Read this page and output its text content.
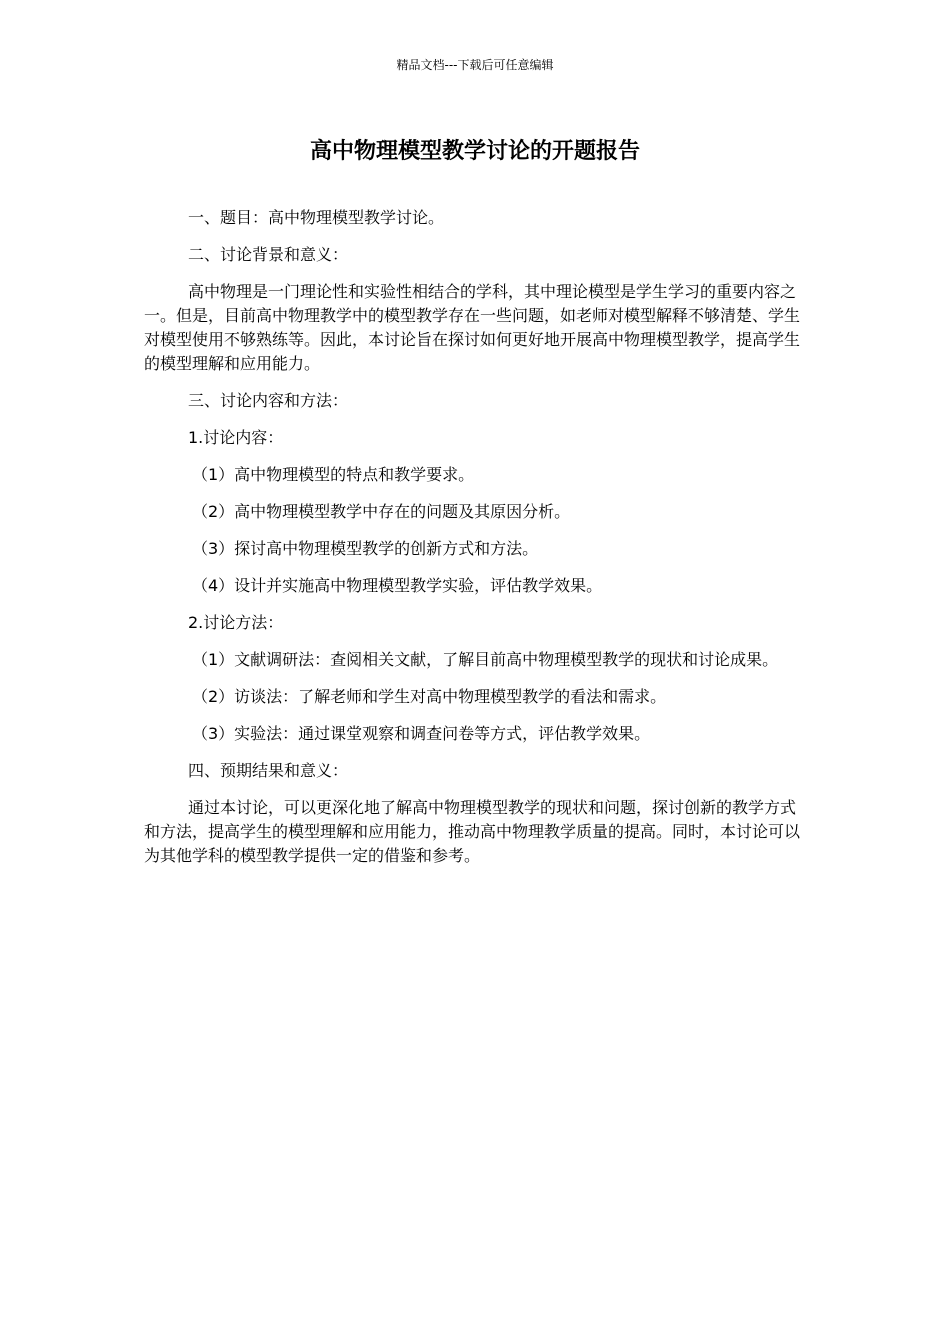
精品文档---下载后可任意编辑
高中物理模型教学讨论的开题报告

一、题目：高中物理模型教学讨论。

二、讨论背景和意义：

高中物理是一门理论性和实验性相结合的学科，其中理论模型是学生学习的重要内容之一。但是，目前高中物理教学中的模型教学存在一些问题，如老师对模型解释不够清楚、学生对模型使用不够熟练等。因此，本讨论旨在探讨如何更好地开展高中物理模型教学，提高学生的模型理解和应用能力。

三、讨论内容和方法：

1.讨论内容：

（1）高中物理模型的特点和教学要求。

（2）高中物理模型教学中存在的问题及其原因分析。

（3）探讨高中物理模型教学的创新方式和方法。

（4）设计并实施高中物理模型教学实验，评估教学效果。

2.讨论方法：

（1）文献调研法：查阅相关文献，了解目前高中物理模型教学的现状和讨论成果。

（2）访谈法：了解老师和学生对高中物理模型教学的看法和需求。

（3）实验法：通过课堂观察和调查问卷等方式，评估教学效果。

四、预期结果和意义：

通过本讨论，可以更深化地了解高中物理模型教学的现状和问题，探讨创新的教学方式和方法，提高学生的模型理解和应用能力，推动高中物理教学质量的提高。同时，本讨论可以为其他学科的模型教学提供一定的借鉴和参考。
